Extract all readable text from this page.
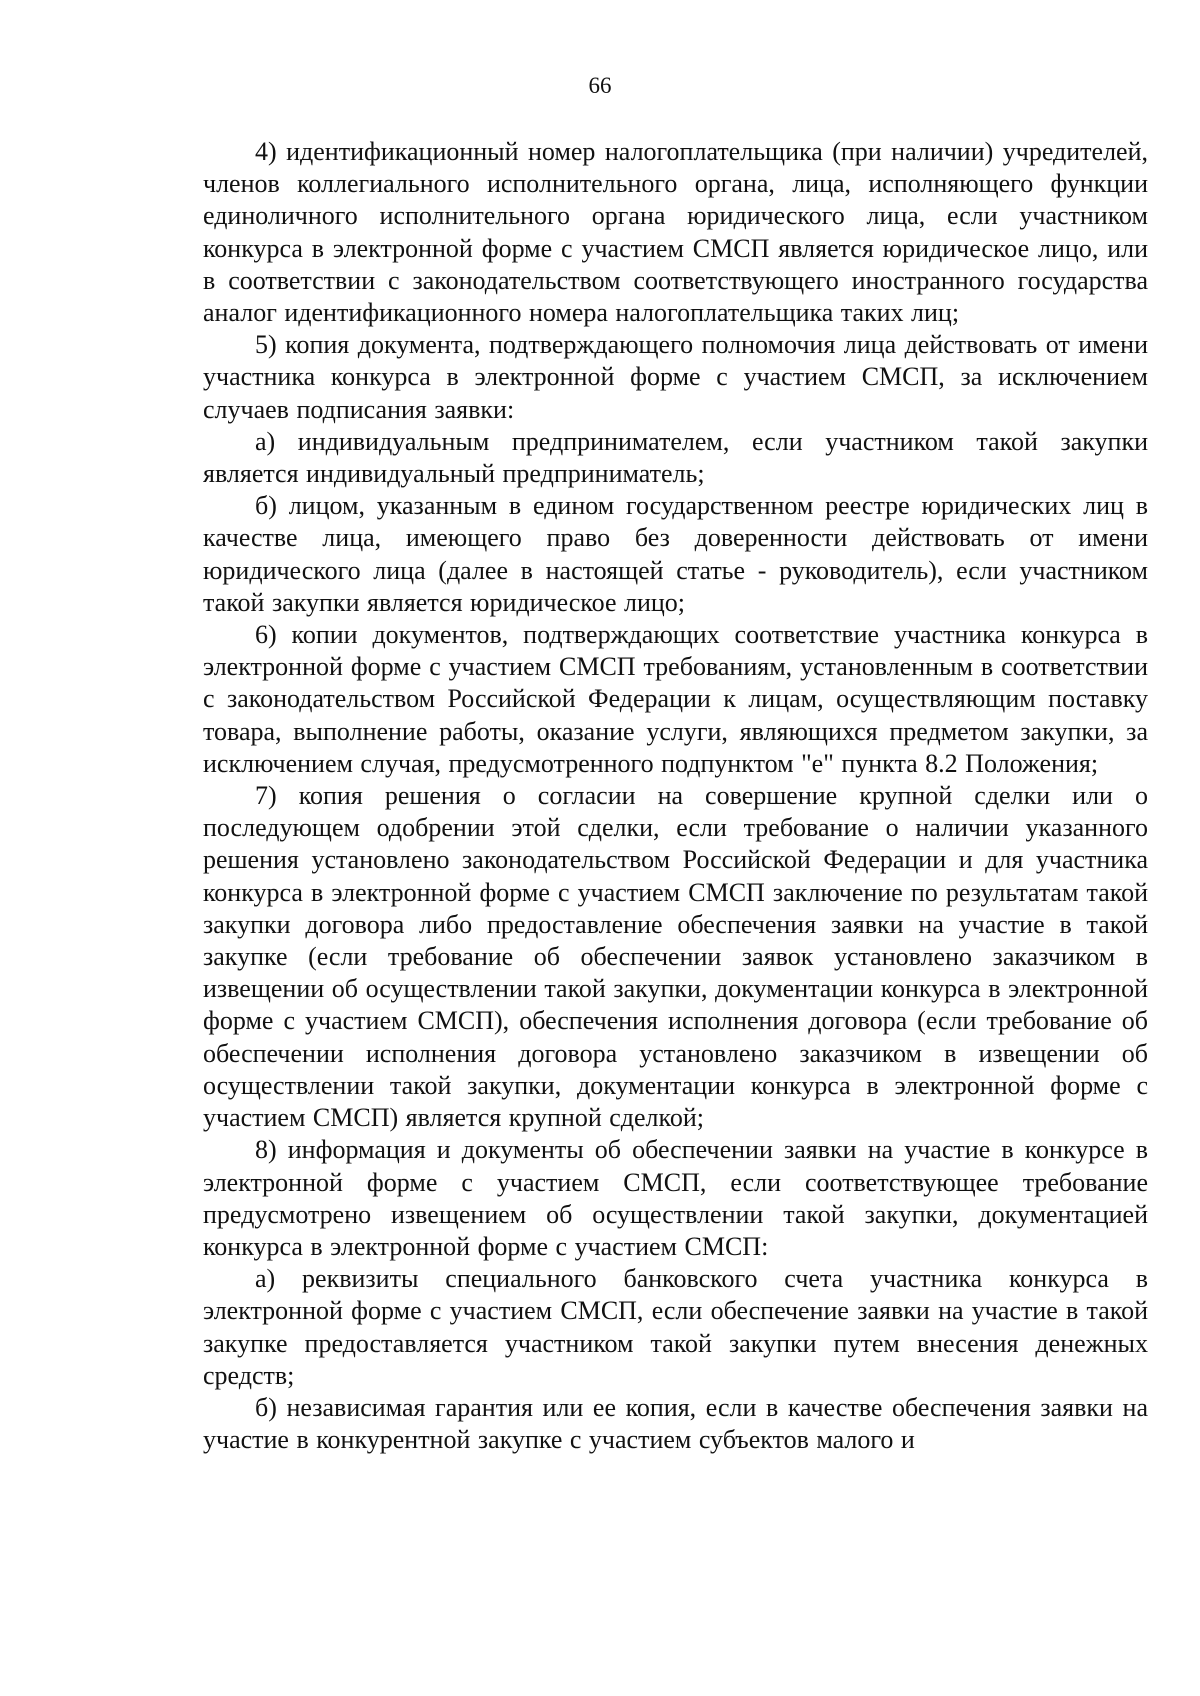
66

4) идентификационный номер налогоплательщика (при наличии) учредителей, членов коллегиального исполнительного органа, лица, исполняющего функции единоличного исполнительного органа юридического лица, если участником конкурса в электронной форме с участием СМСП является юридическое лицо, или в соответствии с законодательством соответствующего иностранного государства аналог идентификационного номера налогоплательщика таких лиц;

5) копия документа, подтверждающего полномочия лица действовать от имени участника конкурса в электронной форме с участием СМСП, за исключением случаев подписания заявки:

а) индивидуальным предпринимателем, если участником такой закупки является индивидуальный предприниматель;

б) лицом, указанным в едином государственном реестре юридических лиц в качестве лица, имеющего право без доверенности действовать от имени юридического лица (далее в настоящей статье - руководитель), если участником такой закупки является юридическое лицо;

6) копии документов, подтверждающих соответствие участника конкурса в электронной форме с участием СМСП требованиям, установленным в соответствии с законодательством Российской Федерации к лицам, осуществляющим поставку товара, выполнение работы, оказание услуги, являющихся предметом закупки, за исключением случая, предусмотренного подпунктом "е" пункта 8.2 Положения;

7) копия решения о согласии на совершение крупной сделки или о последующем одобрении этой сделки, если требование о наличии указанного решения установлено законодательством Российской Федерации и для участника конкурса в электронной форме с участием СМСП заключение по результатам такой закупки договора либо предоставление обеспечения заявки на участие в такой закупке (если требование об обеспечении заявок установлено заказчиком в извещении об осуществлении такой закупки, документации конкурса в электронной форме с участием СМСП), обеспечения исполнения договора (если требование об обеспечении исполнения договора установлено заказчиком в извещении об осуществлении такой закупки, документации конкурса в электронной форме с участием СМСП) является крупной сделкой;

8) информация и документы об обеспечении заявки на участие в конкурсе в электронной форме с участием СМСП, если соответствующее требование предусмотрено извещением об осуществлении такой закупки, документацией конкурса в электронной форме с участием СМСП:

а) реквизиты специального банковского счета участника конкурса в электронной форме с участием СМСП, если обеспечение заявки на участие в такой закупке предоставляется участником такой закупки путем внесения денежных средств;

б) независимая гарантия или ее копия, если в качестве обеспечения заявки на участие в конкурентной закупке с участием субъектов малого и
